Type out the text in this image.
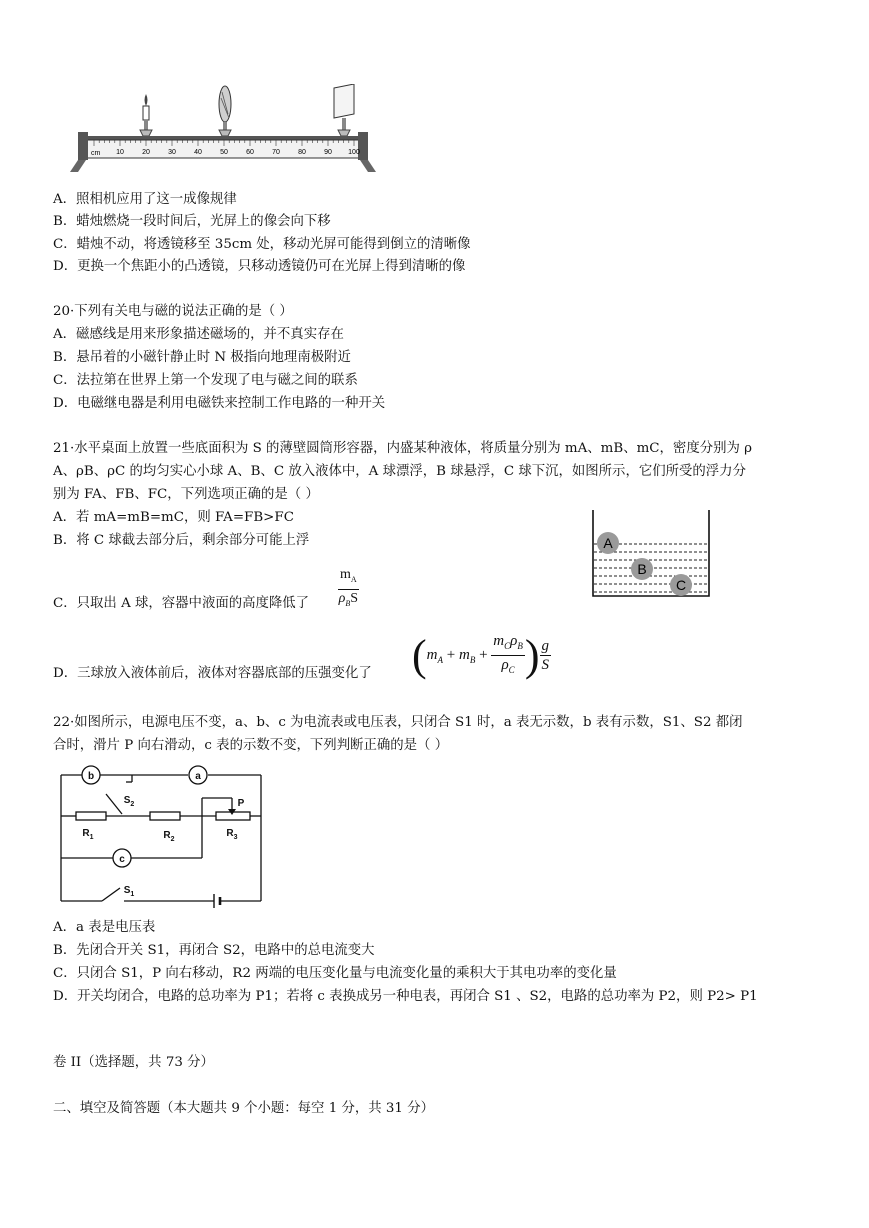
10	20	30	40	50	60	70	80	90 100
cm
A．照相机应用了这一成像规律
B．蜡烛燃烧一段时间后，光屏上的像会向下移
C．蜡烛不动，将透镜移至 35cm 处，移动光屏可能得到倒立的清晰像
D．更换一个焦距小的凸透镜，只移动透镜仍可在光屏上得到清晰的像
20·下列有关电与磁的说法正确的是（ ）
A．磁感线是用来形象描述磁场的，并不真实存在
B．悬吊着的小磁针静止时 N 极指向地理南极附近
C．法拉第在世界上第一个发现了电与磁之间的联系
D．电磁继电器是利用电磁铁来控制工作电路的一种开关
21·水平桌面上放置一些底面积为 S 的薄壁圆筒形容器，内盛某种液体，将质量分别为 mA、mB、mC，密度分别为 ρ
A、ρB、ρC 的均匀实心小球 A、B、C 放入液体中，A 球漂浮，B 球悬浮，C 球下沉，如图所示，它们所受的浮力分
别为 FA、FB、FC，下列选项正确的是（ ）
A．若 mA=mB=mC，则 FA=FB>FC
B．将 C 球截去部分后，剩余部分可能上浮
C．只取出 A 球，容器中液面的高度降低了 $\frac{m_A}{\rho_BS}$
D．三球放入液体前后，液体对容器底部的压强变化了 ($m_A + m_B + \frac{m_C\rho_B}{\rho_C}$ ) $\frac{g}{S}$
A
B
C
22·如图所示，电源电压不变，a、b、c 为电流表或电压表，只闭合 S1 时，a 表无示数，b 表有示数，S1、S2 都闭
合时，滑片 P 向右滑动，c 表的示数不变，下列判断正确的是（ ）
b	a
c
$S_2$
$S_1$
$R_1$	$R_2$
$R_3$
P
A．a 表是电压表
B．先闭合开关 S1，再闭合 S2，电路中的总电流变大
C．只闭合 S1，P 向右移动，R2 两端的电压变化量与电流变化量的乘积大于其电功率的变化量
D．开关均闭合，电路的总功率为 P1；若将 c 表换成另一种电表，再闭合 S1 、S2，电路的总功率为 P2，则 P2> P1
卷 II（选择题，共 73 分）
二、填空及简答题（本大题共 9 个小题：每空 1 分，共 31 分）
